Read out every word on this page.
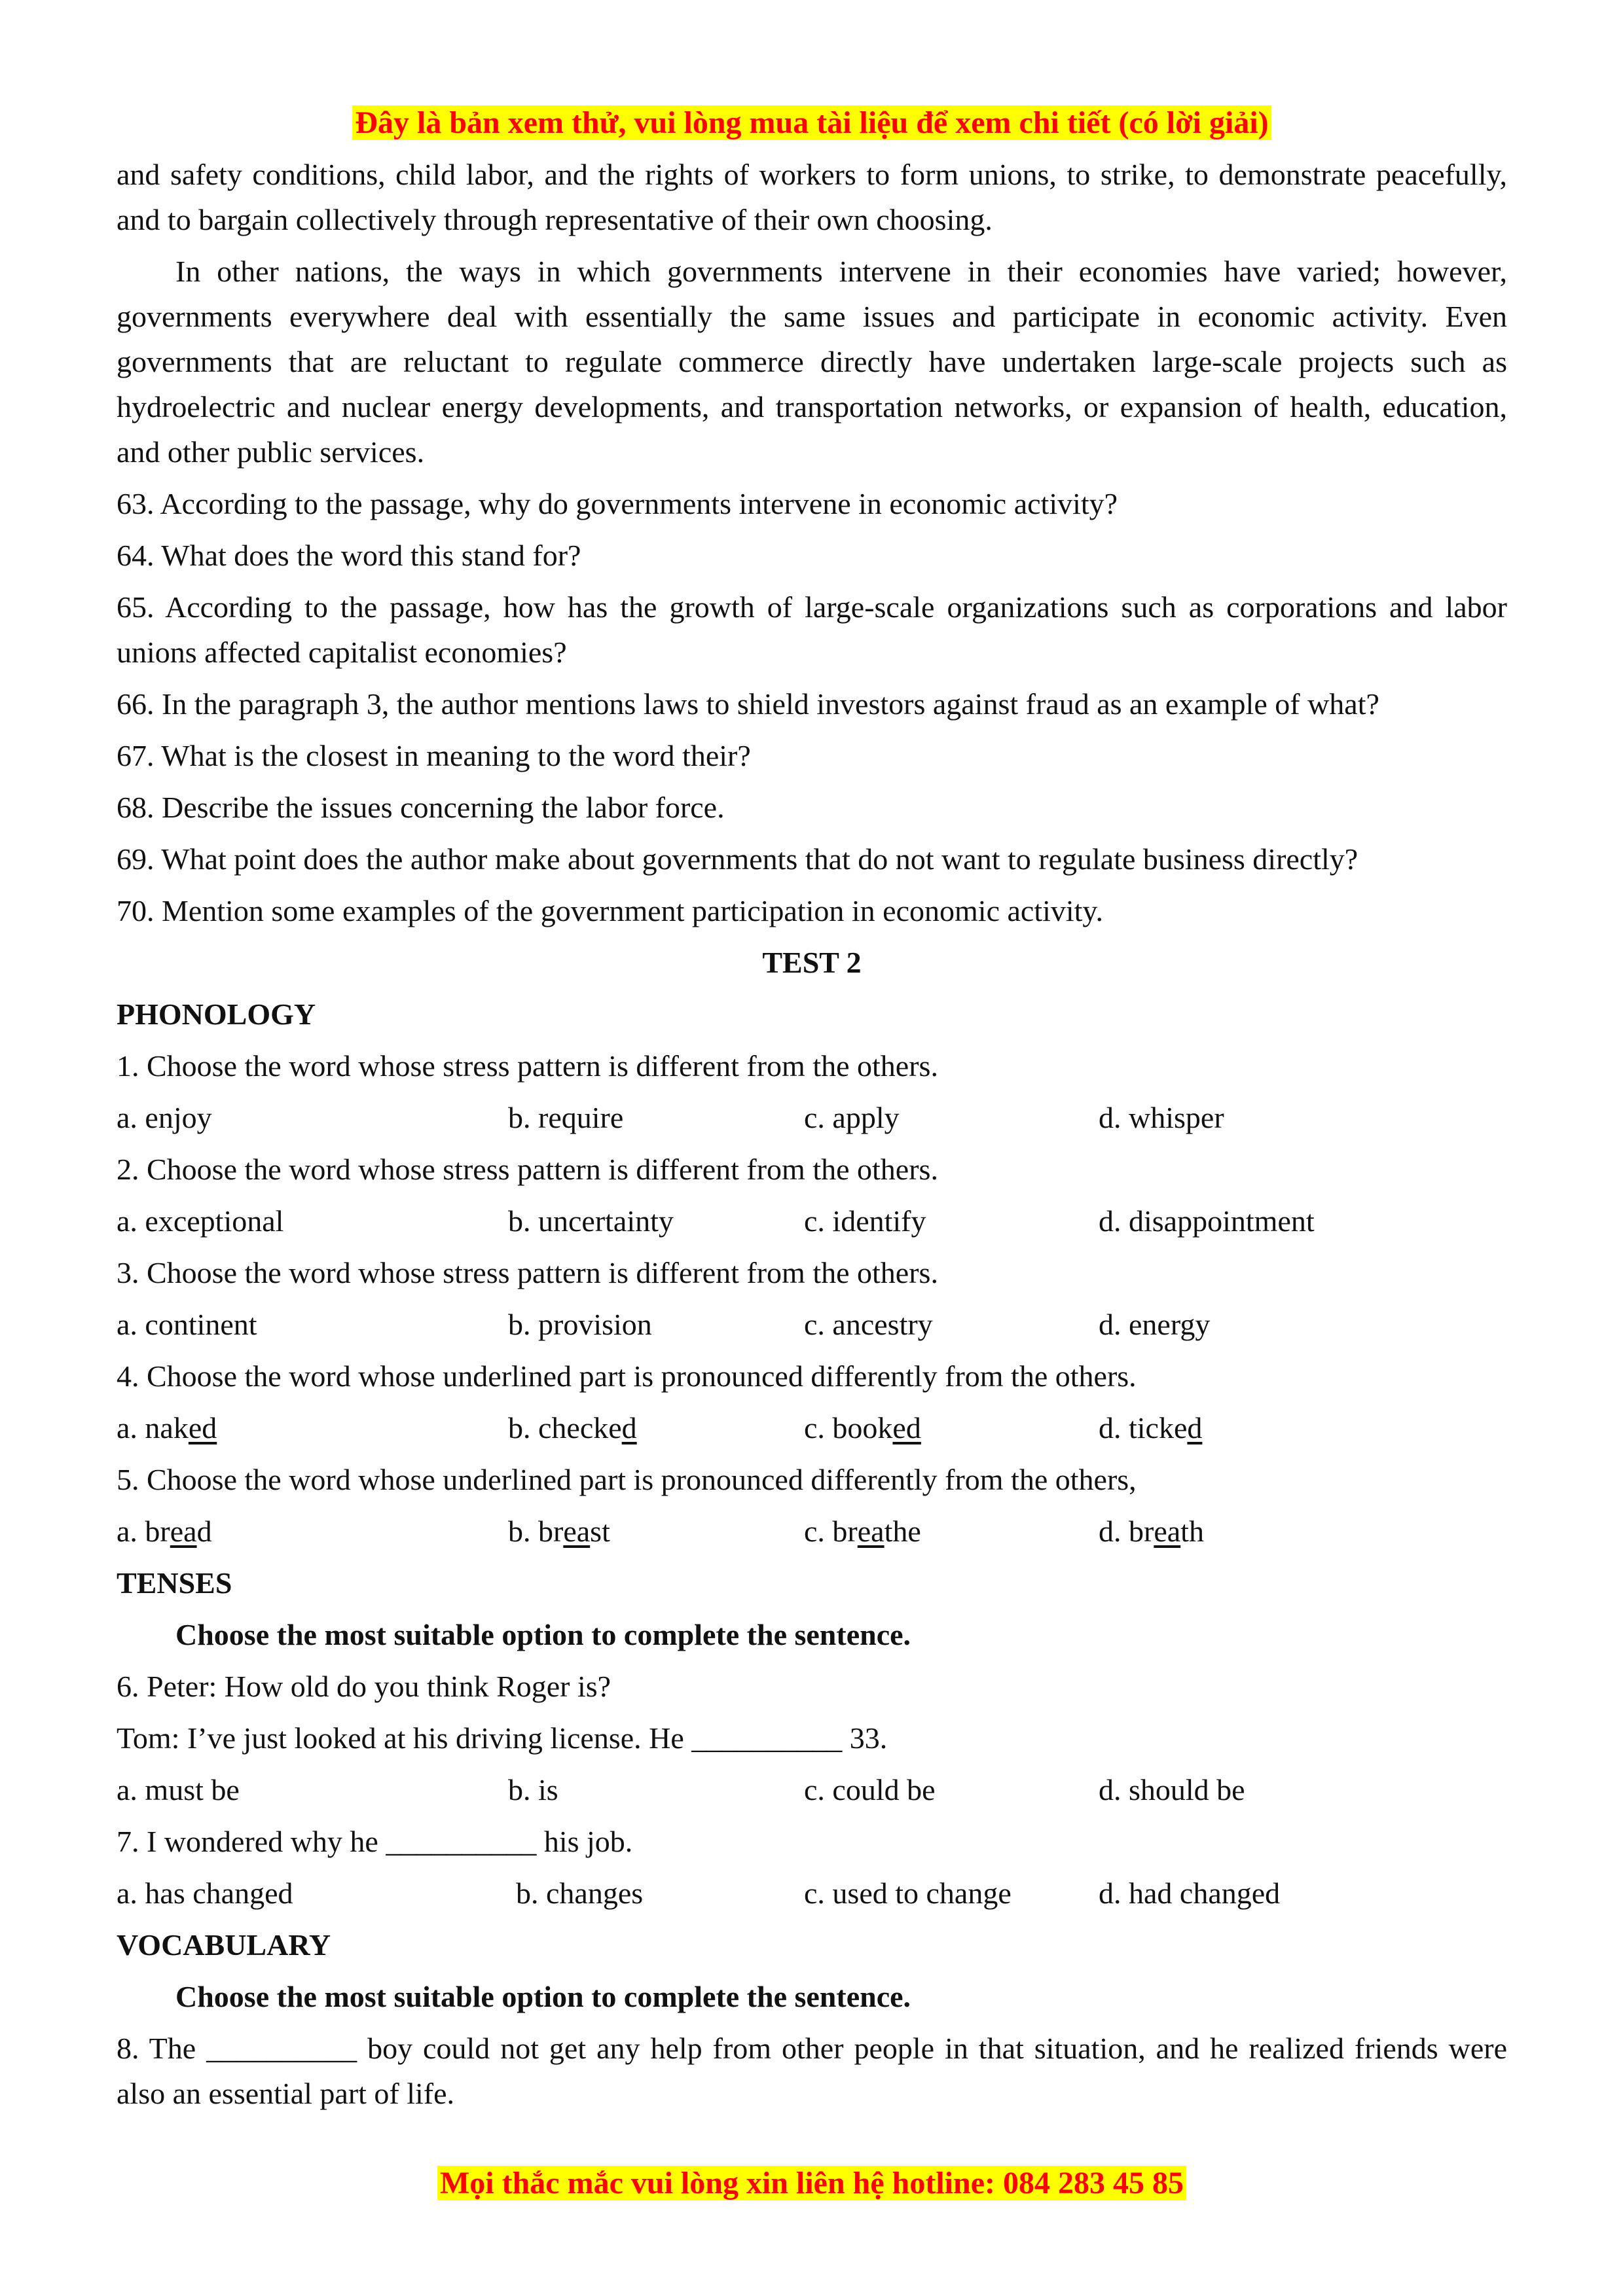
Đây là bản xem thử, vui lòng mua tài liệu để xem chi tiết (có lời giải)

and safety conditions, child labor, and the rights of workers to form unions, to strike, to demonstrate peacefully, and to bargain collectively through representative of their own choosing.

In other nations, the ways in which governments intervene in their economies have varied; however, governments everywhere deal with essentially the same issues and participate in economic activity. Even governments that are reluctant to regulate commerce directly have undertaken large-scale projects such as hydroelectric and nuclear energy developments, and transportation networks, or expansion of health, education, and other public services.

63. According to the passage, why do governments intervene in economic activity?

64. What does the word this stand for?

65. According to the passage, how has the growth of large-scale organizations such as corporations and labor unions affected capitalist economies?

66. In the paragraph 3, the author mentions laws to shield investors against fraud as an example of what?

67. What is the closest in meaning to the word their?

68. Describe the issues concerning the labor force.

69. What point does the author make about governments that do not want to regulate business directly?

70. Mention some examples of the government participation in economic activity.

TEST 2

PHONOLOGY

1. Choose the word whose stress pattern is different from the others.

a. enjoy	b. require	c. apply	d. whisper

2. Choose the word whose stress pattern is different from the others.

a. exceptional	b. uncertainty	c. identify	d. disappointment

3. Choose the word whose stress pattern is different from the others.

a. continent	b. provision	c. ancestry	d. energy

4. Choose the word whose underlined part is pronounced differently from the others.

a. naked	b. checked	c. booked	d. ticked

5. Choose the word whose underlined part is pronounced differently from the others,

a. bread	b. breast	c. breathe	d. breath

TENSES

Choose the most suitable option to complete the sentence.

6. Peter: How old do you think Roger is?

Tom: I’ve just looked at his driving license. He __________ 33.

a. must be	b. is	c. could be	d. should be

7. I wondered why he __________ his job.

a. has changed	b. changes	c. used to change	d. had changed

VOCABULARY

Choose the most suitable option to complete the sentence.

8. The __________ boy could not get any help from other people in that situation, and he realized friends were also an essential part of life.

Mọi thắc mắc vui lòng xin liên hệ hotline: 084 283 45 85
